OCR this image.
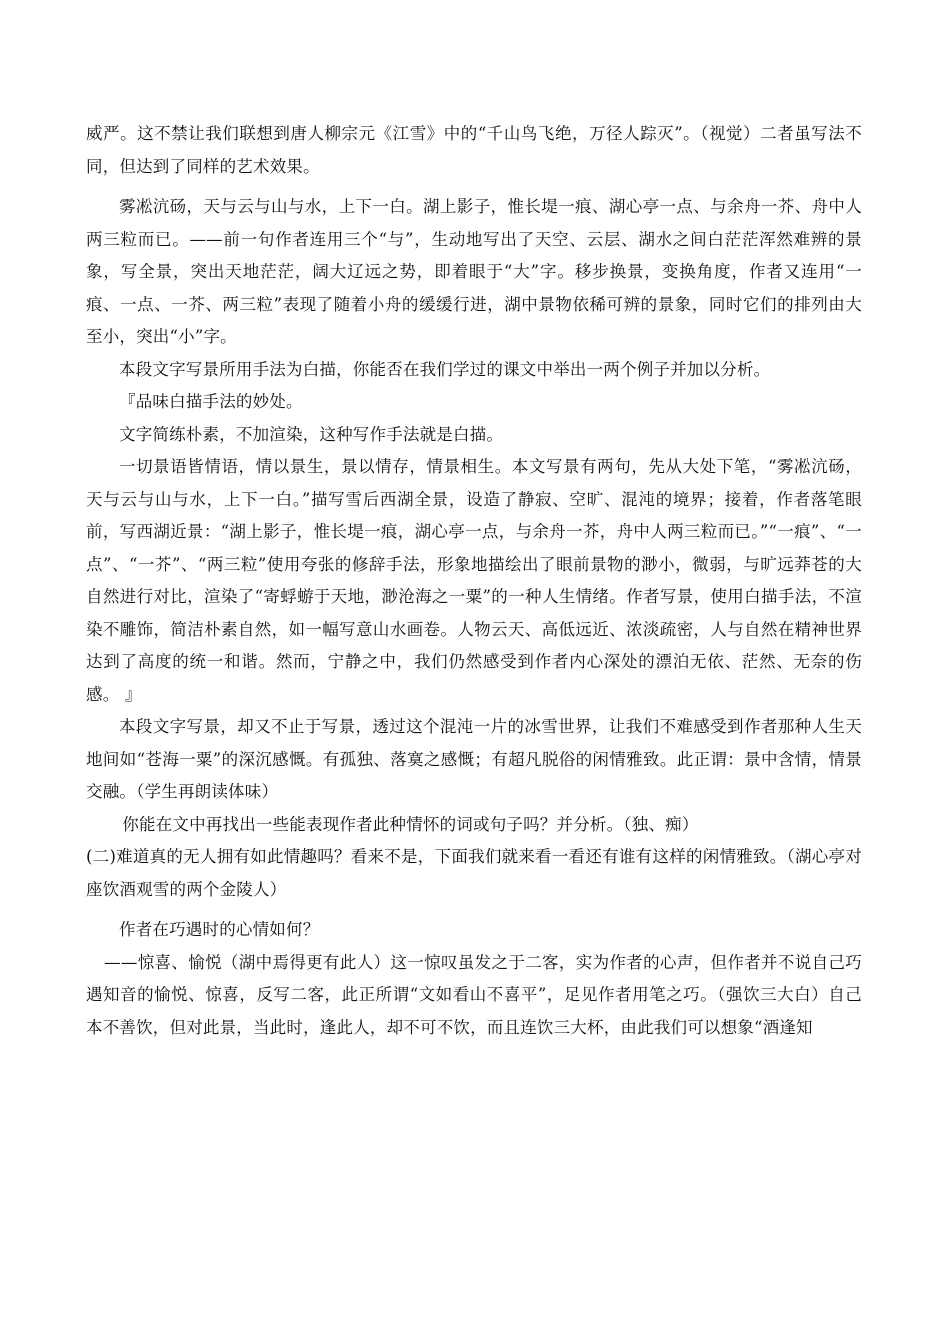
威严。这不禁让我们联想到唐人柳宗元《江雪》中的“千山鸟飞绝，万径人踪灭”。（视觉）二者虽写法不同，但达到了同样的艺术效果。

雾凇沆砀，天与云与山与水，上下一白。湖上影子，惟长堤一痕、湖心亭一点、与余舟一芥、舟中人两三粒而已。——前一句作者连用三个“与”，生动地写出了天空、云层、湖水之间白茫茫浑然难辨的景象，写全景，突出天地茫茫，阔大辽远之势，即着眼于“大”字。移步换景，变换角度，作者又连用“一痕、一点、一芥、两三粒”表现了随着小舟的缓缓行进，湖中景物依稀可辨的景象，同时它们的排列由大至小，突出“小”字。

本段文字写景所用手法为白描，你能否在我们学过的课文中举出一两个例子并加以分析。

『品味白描手法的妙处。

文字简练朴素，不加渲染，这种写作手法就是白描。

一切景语皆情语，情以景生，景以情存，情景相生。本文写景有两句，先从大处下笔，“雾凇沆砀，天与云与山与水，上下一白。”描写雪后西湖全景，设造了静寂、空旷、混沌的境界；接着，作者落笔眼前，写西湖近景：“湖上影子，惟长堤一痕，湖心亭一点，与余舟一芥，舟中人两三粒而已。”“一痕”、“一点”、“一芥”、“两三粒”使用夸张的修辞手法，形象地描绘出了眼前景物的渺小，微弱，与旷远莽苍的大自然进行对比，渲染了“寄蜉蝣于天地，渺沧海之一粟”的一种人生情绪。作者写景，使用白描手法，不渲染不雕饰，简洁朴素自然，如一幅写意山水画卷。人物云天、高低远近、浓淡疏密，人与自然在精神世界达到了高度的统一和谐。然而，宁静之中，我们仍然感受到作者内心深处的漂泊无依、茫然、无奈的伤感。 』

本段文字写景，却又不止于写景，透过这个混沌一片的冰雪世界，让我们不难感受到作者那种人生天地间如“苍海一粟”的深沉感慨。有孤独、落寞之感慨；有超凡脱俗的闲情雅致。此正谓：景中含情，情景交融。（学生再朗读体味）

你能在文中再找出一些能表现作者此种情怀的词或句子吗？并分析。（独、痴）

(二)难道真的无人拥有如此情趣吗？看来不是，下面我们就来看一看还有谁有这样的闲情雅致。（湖心亭对座饮酒观雪的两个金陵人）

作者在巧遇时的心情如何？

——惊喜、愉悦（湖中焉得更有此人）这一惊叹虽发之于二客，实为作者的心声，但作者并不说自己巧遇知音的愉悦、惊喜，反写二客，此正所谓“文如看山不喜平”，足见作者用笔之巧。（强饮三大白）自己本不善饮，但对此景，当此时，逢此人，却不可不饮，而且连饮三大杯，由此我们可以想象“酒逢知
